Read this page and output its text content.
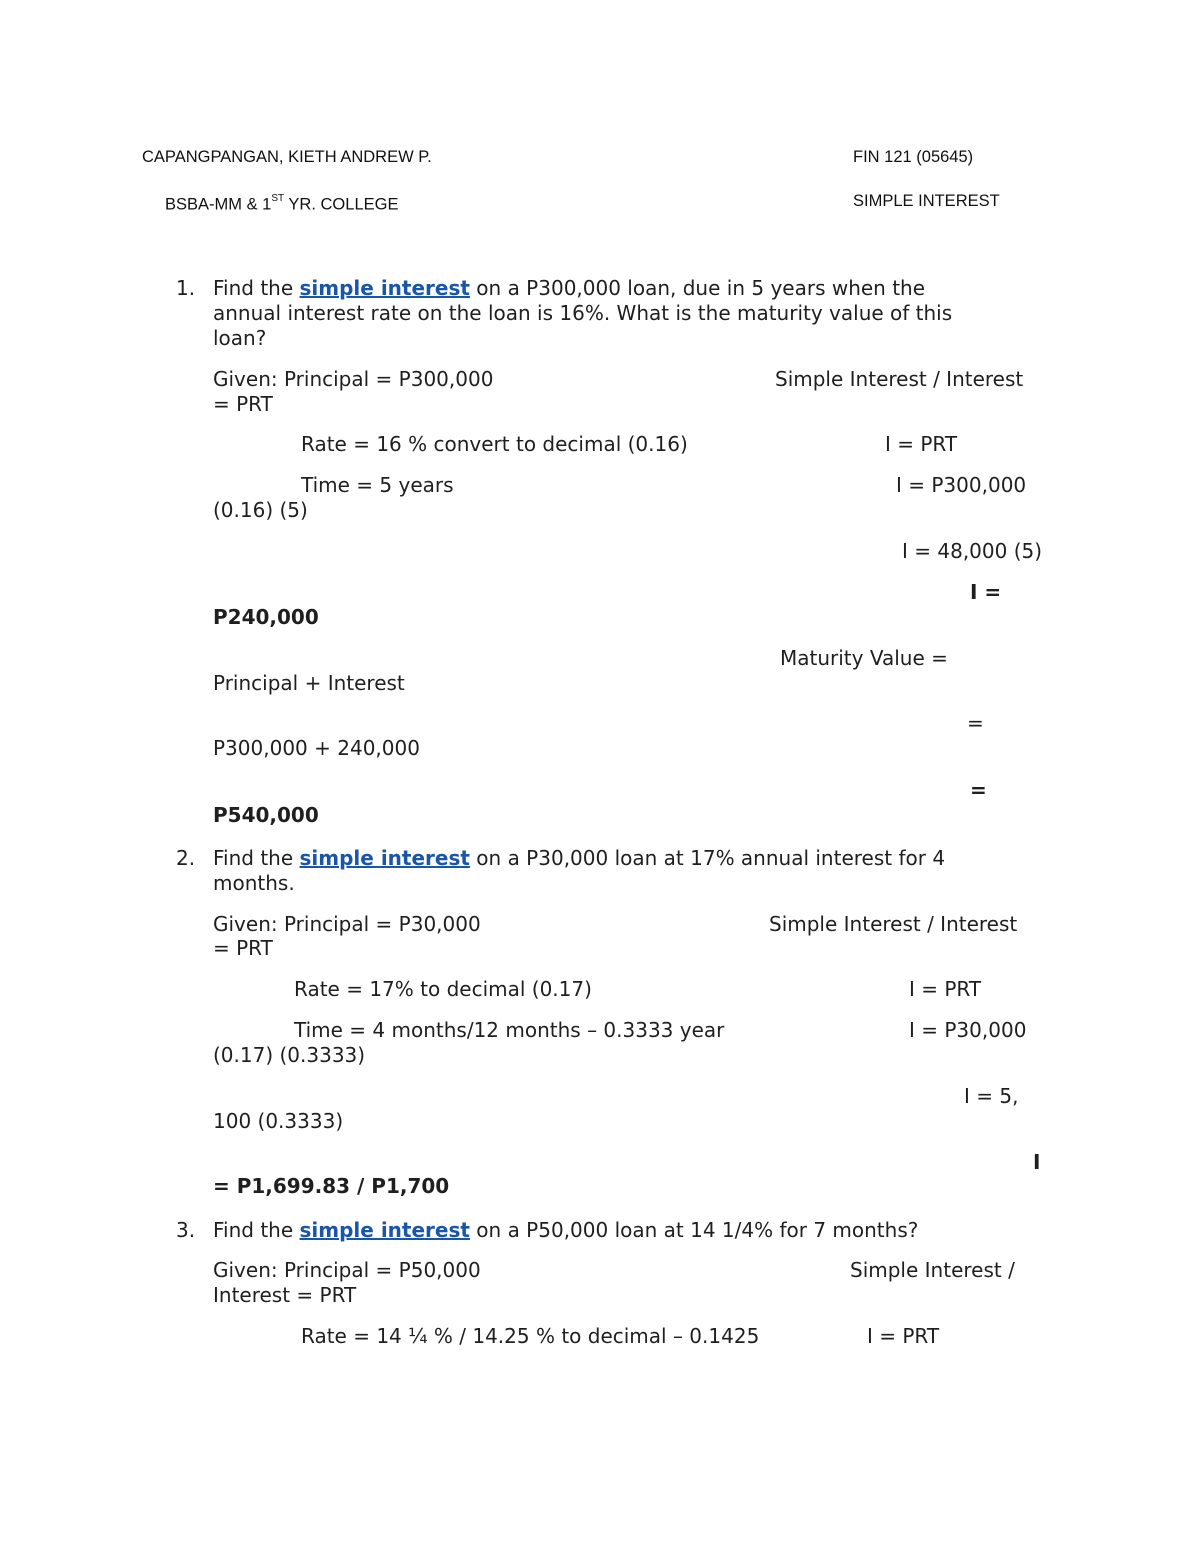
CAPANGPANGAN, KIETH ANDREW P.	FIN 121 (05645)
BSBA-MM & 1ST YR. COLLEGE	SIMPLE INTEREST
1. Find the simple interest on a P300,000 loan, due in 5 years when the
annual interest rate on the loan is 16%. What is the maturity value of this
loan?
Given: Principal = P300,000	Simple Interest / Interest
= PRT
Rate = 16 % convert to decimal (0.16)	I = PRT
Time = 5 years	I = P300,000
(0.16) (5)
I = 48,000 (5)
I =
P240,000
Maturity Value =
Principal + Interest
=
P300,000 + 240,000
=
P540,000
2. Find the simple interest on a P30,000 loan at 17% annual interest for 4
months.
Given: Principal = P30,000	Simple Interest / Interest
= PRT
Rate = 17% to decimal (0.17)	I = PRT
Time = 4 months/12 months – 0.3333 year	I = P30,000
(0.17) (0.3333)
I = 5,
100 (0.3333)
I
= P1,699.83 / P1,700
3. Find the simple interest on a P50,000 loan at 14 1/4% for 7 months?
Given: Principal = P50,000	Simple Interest /
Interest = PRT
Rate = 14 ¼ % / 14.25 % to decimal – 0.1425	I = PRT
